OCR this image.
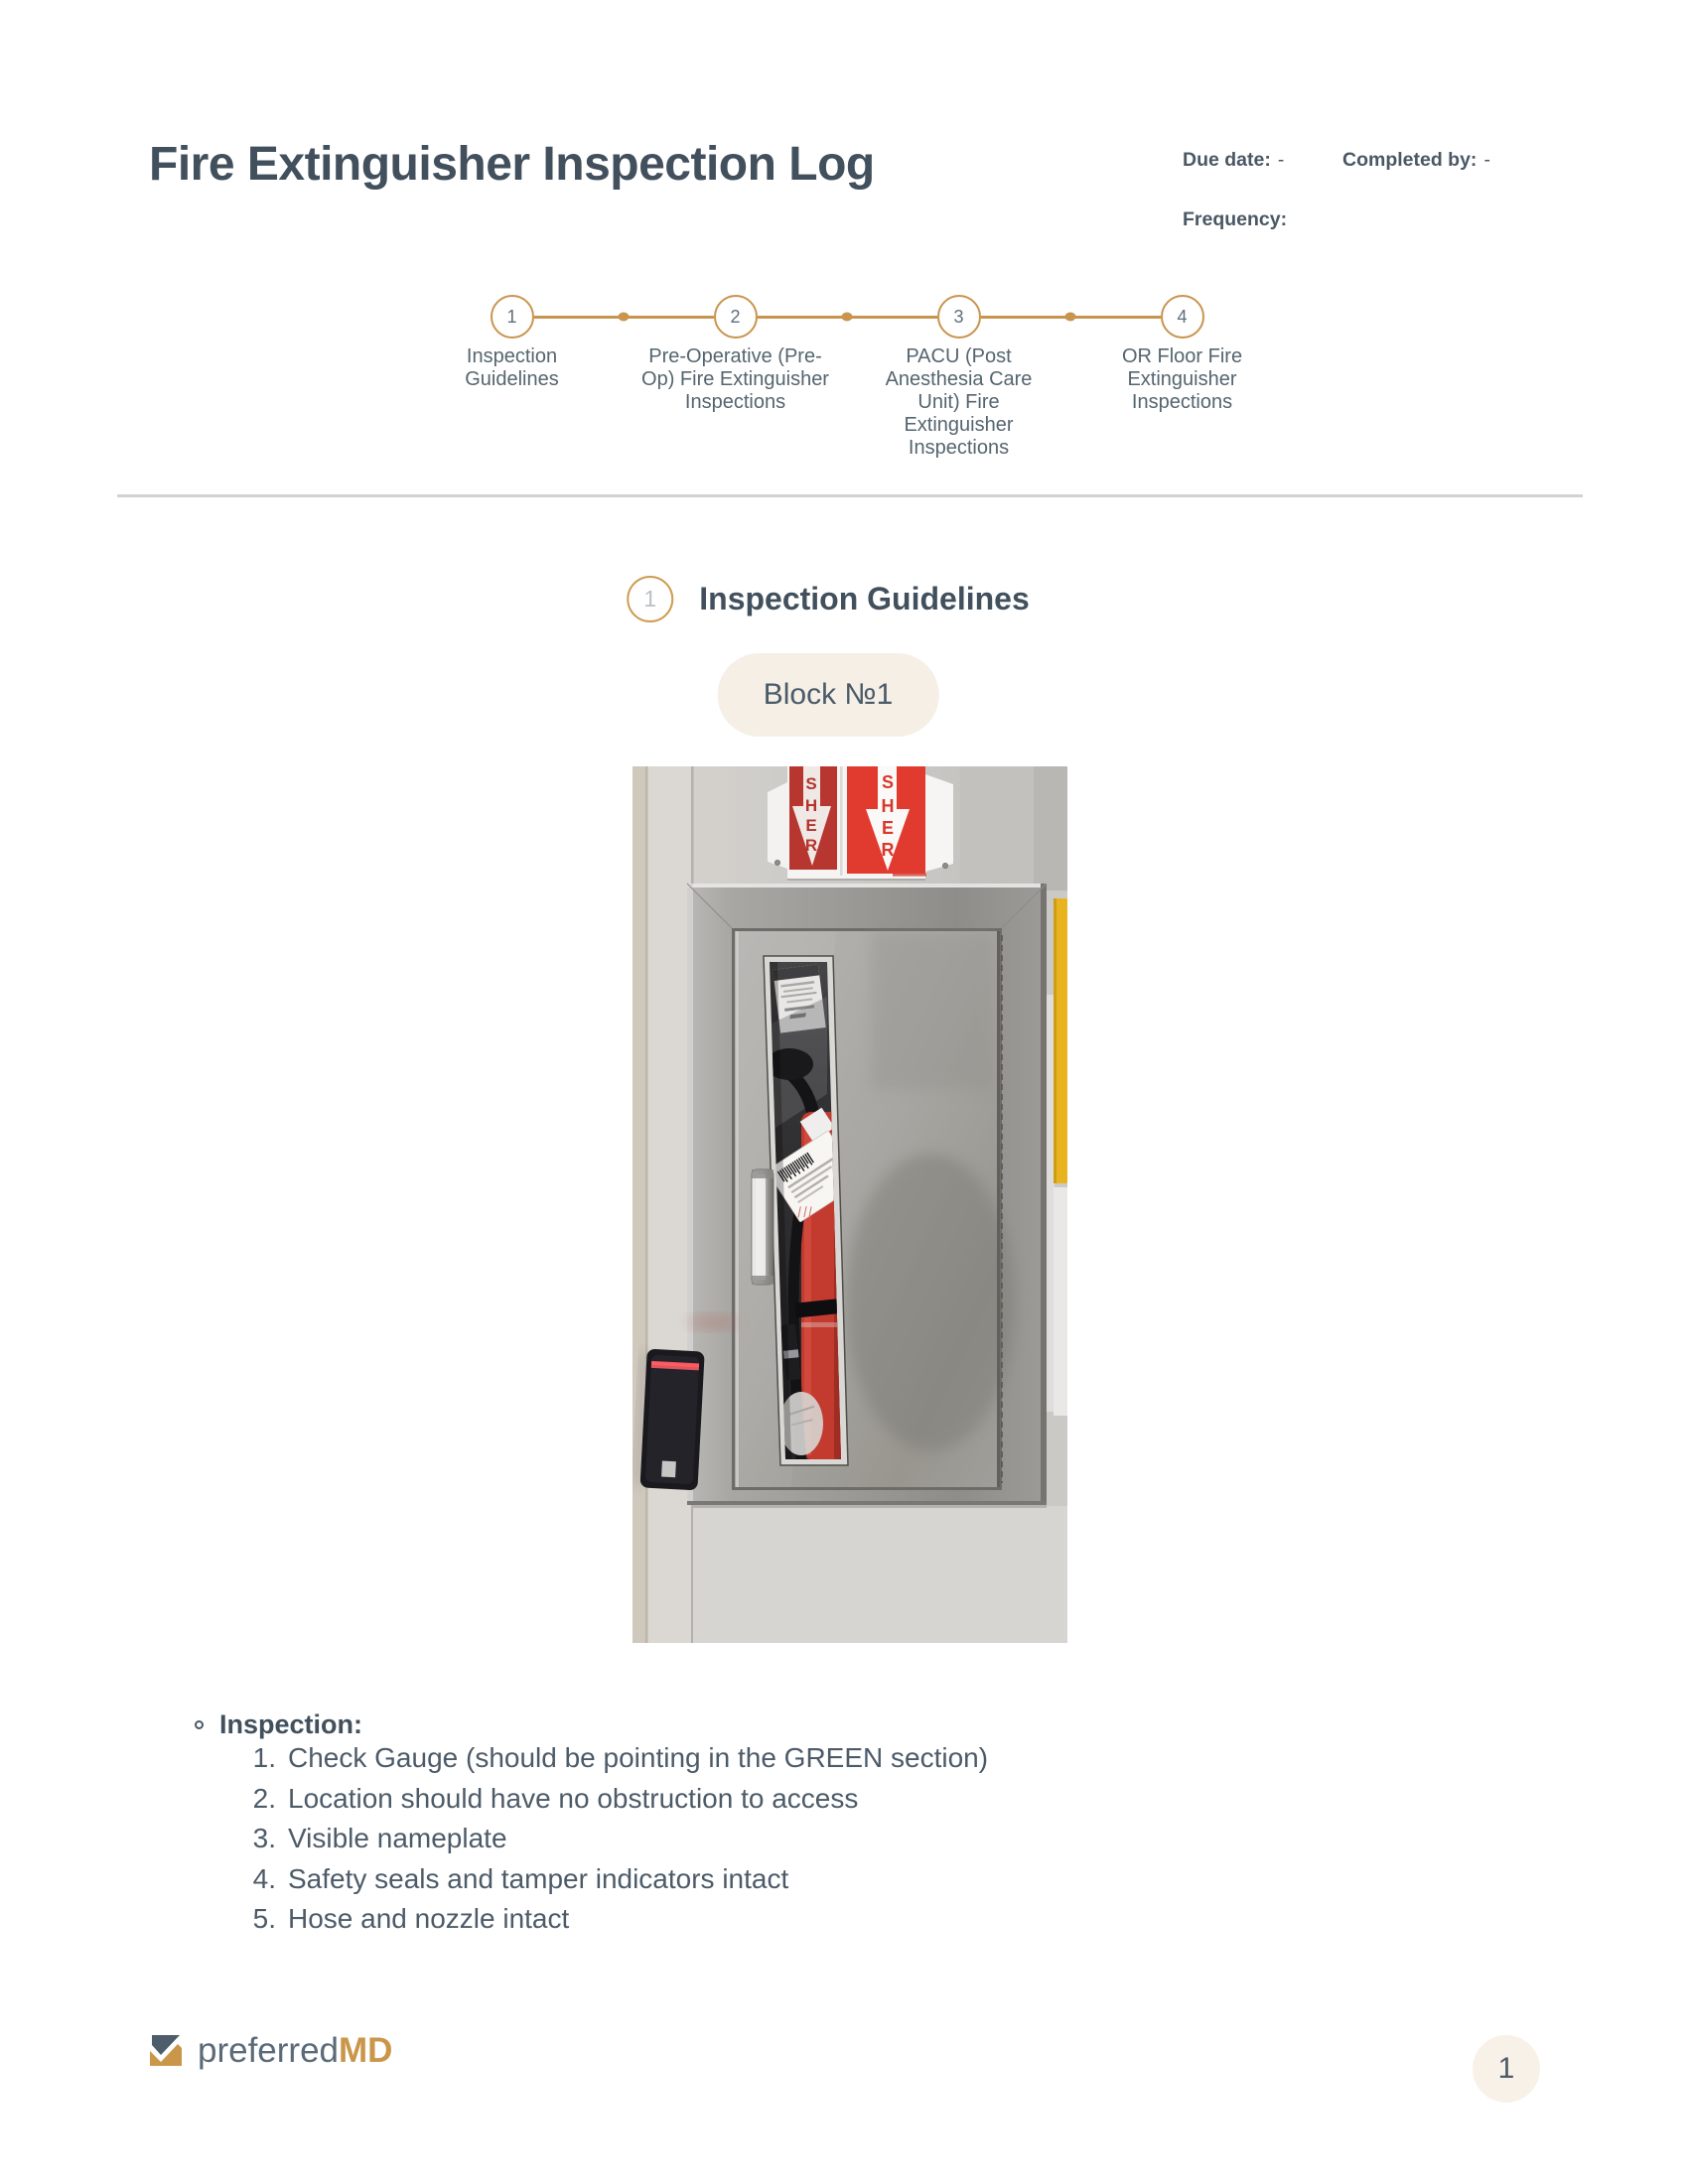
Fire Extinguisher Inspection Log	Due date: -	Completed by: -
Frequency:
1
Inspection Guidelines
2
Pre-Operative (Pre-Op) Fire Extinguisher Inspections
3
PACU (Post Anesthesia Care Unit) Fire Extinguisher Inspections
4
OR Floor Fire Extinguisher Inspections
1 Inspection Guidelines
Block №1
S
H
E
R
S
H
E
R
Inspection:
1. Check Gauge (should be pointing in the GREEN section)
2. Location should have no obstruction to access
3. Visible nameplate
4. Safety seals and tamper indicators intact
5. Hose and nozzle intact
preferredMD	1
